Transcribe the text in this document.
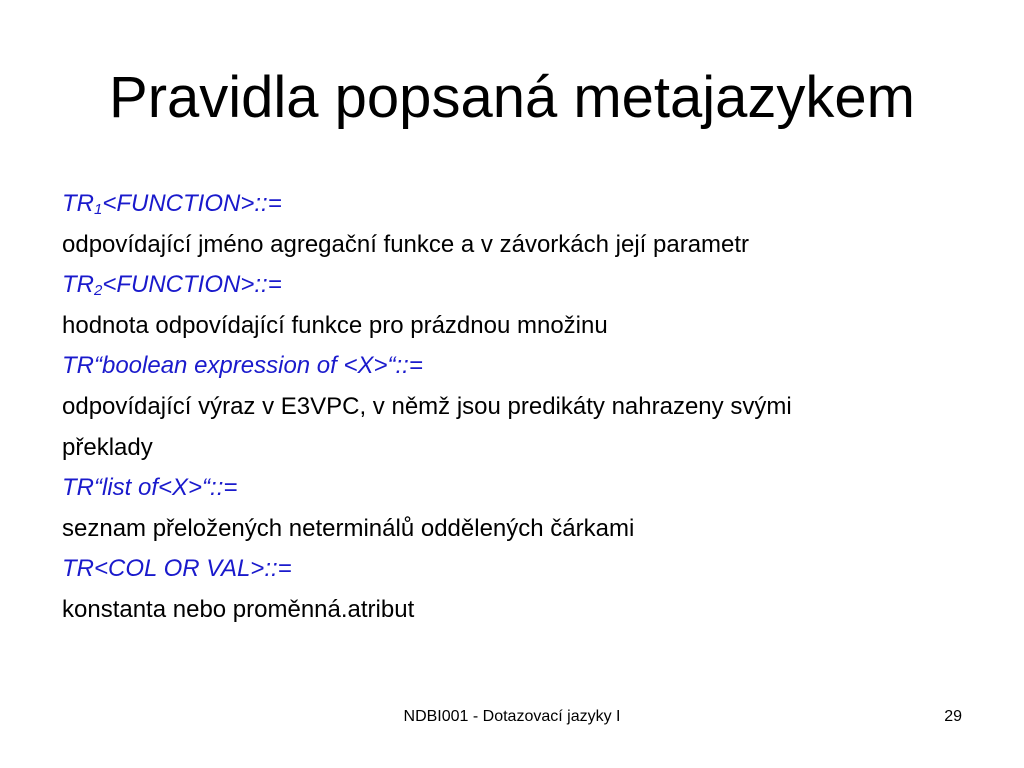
Pravidla popsaná metajazykem
$TR_1<FUNCTION>::=$
odpovídající jméno agregační funkce a v závorkách její parametr
$TR_2<FUNCTION>::=$
hodnota odpovídající funkce pro prázdnou množinu
TR“boolean expression of <X>“::=
odpovídající výraz v E3VPC, v němž jsou predikáty nahrazeny svými
překlady
TR“list of<X>“::=
seznam přeložených neterminálů oddělených čárkami
TR<COL OR VAL>::=
konstanta nebo proměnná.atribut
NDBI001 - Dotazovací jazyky I	29
